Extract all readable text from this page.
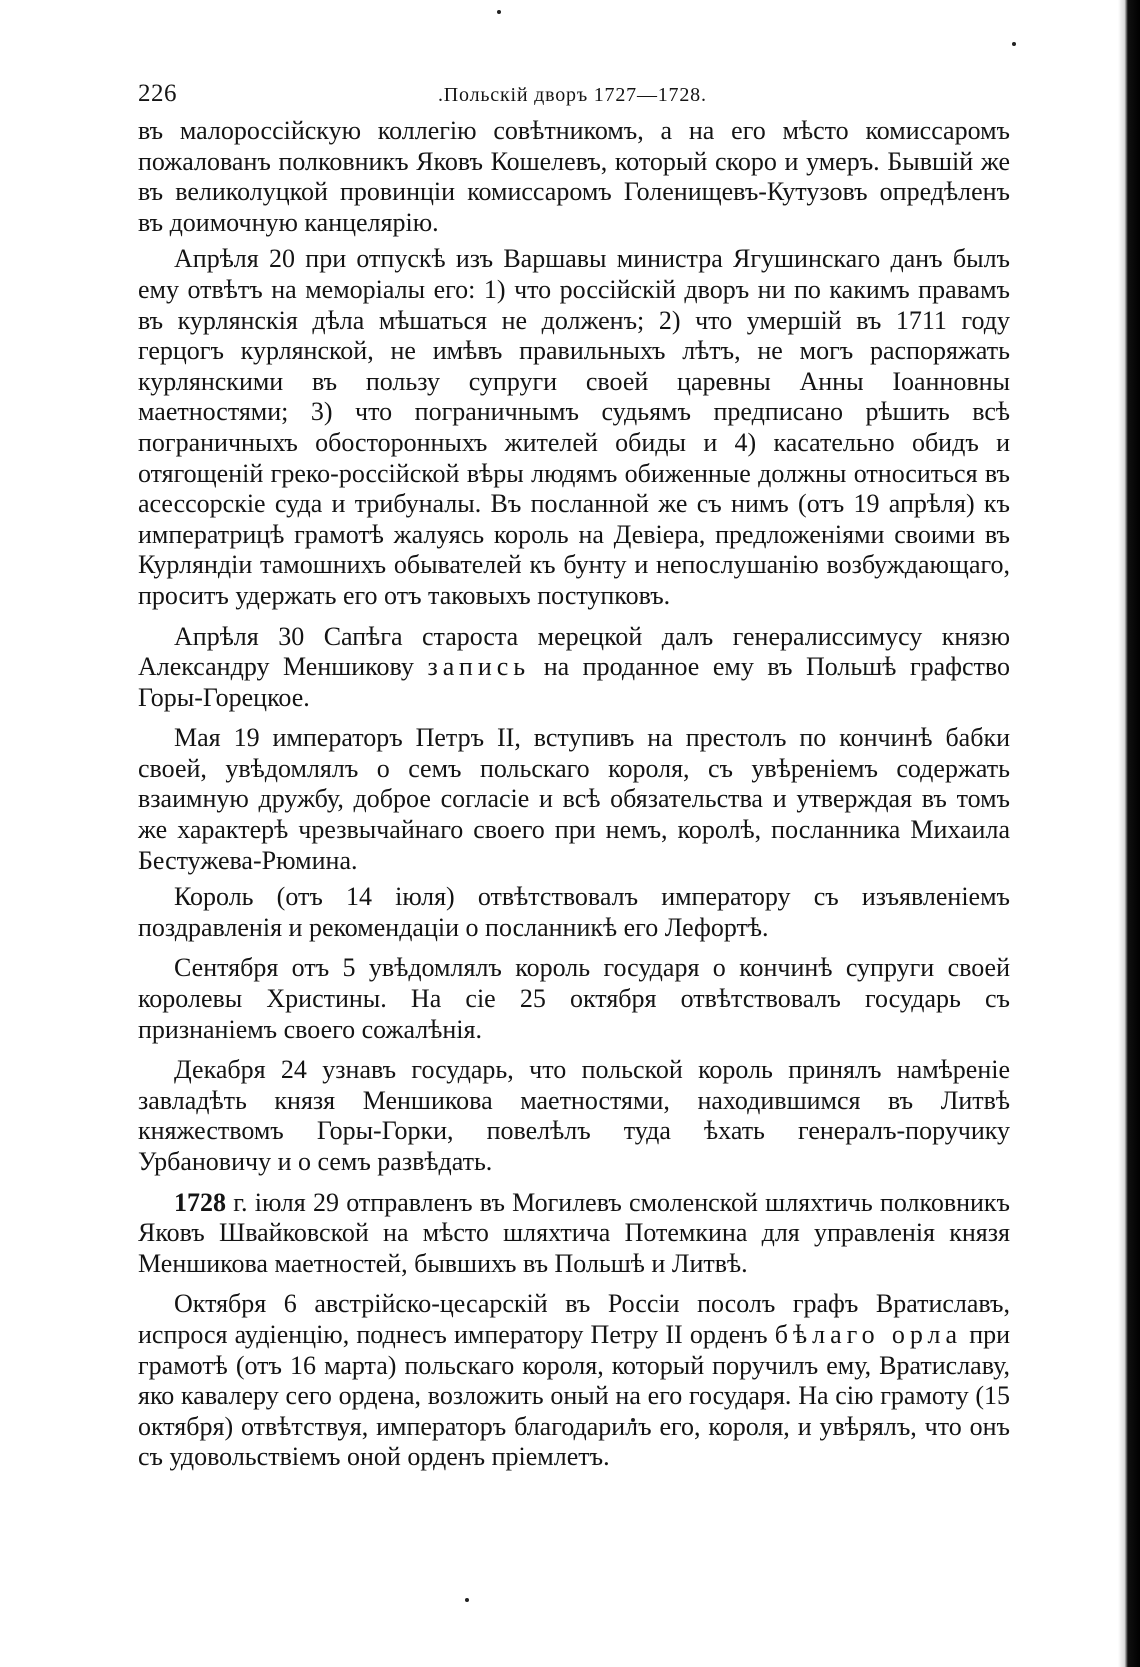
226	.Польскій дворъ 1727—1728.

въ малороссійскую коллегію совѣтникомъ, а на его мѣсто комиссаромъ пожалованъ полковникъ Яковъ Кошелевъ, который скоро и умеръ. Бывшій же въ великолуцкой провинціи комиссаромъ Голенищевъ-Кутузовъ опредѣленъ въ доимочную канцелярію.

Апрѣля 20 при отпускѣ изъ Варшавы министра Ягушинскаго данъ былъ ему отвѣтъ на меморіалы его: 1) что россійскій дворъ ни по какимъ правамъ въ курлянскія дѣла мѣшаться не долженъ; 2) что умершій въ 1711 году герцогъ курлянской, не имѣвъ правильныхъ лѣтъ, не могъ распоряжать курлянскими въ пользу супруги своей царевны Анны Іоанновны маетностями; 3) что пограничнымъ судьямъ предписано рѣшить всѣ пограничныхъ обосторонныхъ жителей обиды и 4) касательно обидъ и отягощеній греко-россійской вѣры людямъ обиженные должны относиться въ асессорскіе суда и трибуналы. Въ посланной же съ нимъ (отъ 19 апрѣля) къ императрицѣ грамотѣ жалуясь король на Девіера, предложеніями своими въ Курляндіи тамошнихъ обывателей къ бунту и непослушанію возбуждающаго, проситъ удержать его отъ таковыхъ поступковъ.

Апрѣля 30 Сапѣга староста мерецкой далъ генералиссимусу князю Александру Меншикову запись на проданное ему въ Польшѣ графство Горы-Горецкое.

Мая 19 императоръ Петръ II, вступивъ на престолъ по кончинѣ бабки своей, увѣдомлялъ о семъ польскаго короля, съ увѣреніемъ содержать взаимную дружбу, доброе согласіе и всѣ обязательства и утверждая въ томъ же характерѣ чрезвычайнаго своего при немъ, королѣ, посланника Михаила Бестужева-Рюмина.

Король (отъ 14 іюля) отвѣтствовалъ императору съ изъявленіемъ поздравленія и рекомендаціи о посланникѣ его Лефортѣ.

Сентября отъ 5 увѣдомлялъ король государя о кончинѣ супруги своей королевы Христины. На сіе 25 октября отвѣтствовалъ государь съ признаніемъ своего сожалѣнія.

Декабря 24 узнавъ государь, что польской король принялъ намѣреніе завладѣть князя Меншикова маетностями, находившимся въ Литвѣ княжествомъ Горы-Горки, повелѣлъ туда ѣхать генералъ-поручику Урбановичу и о семъ развѣдать.

1728 г. іюля 29 отправленъ въ Могилевъ смоленской шляхтичь полковникъ Яковъ Швайковской на мѣсто шляхтича Потемкина для управленія князя Меншикова маетностей, бывшихъ въ Польшѣ и Литвѣ.

Октября 6 австрійско-цесарскій въ Россіи посолъ графъ Вратиславъ, испрося аудіенцію, поднесъ императору Петру II орденъ бѣлаго орла при грамотѣ (отъ 16 марта) польскаго короля, который поручилъ ему, Вратиславу, яко кавалеру сего ордена, возложить оный на его государя. На сію грамоту (15 октября) отвѣтствуя, императоръ благодарилъ его, короля, и увѣрялъ, что онъ съ удовольствіемъ оной орденъ пріемлетъ.
